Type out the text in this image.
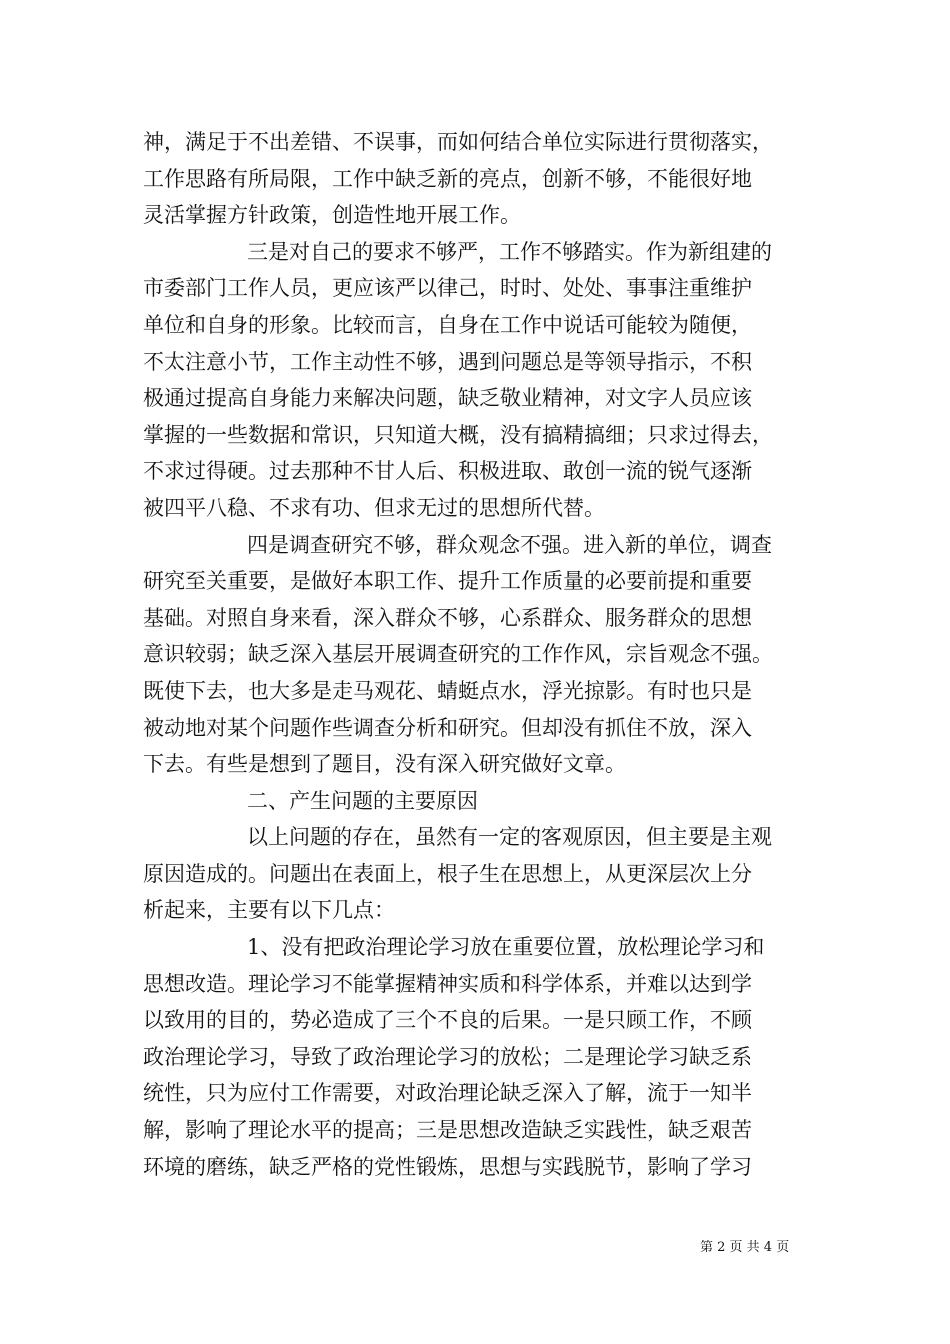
神，满足于不出差错、不误事，而如何结合单位实际进行贯彻落实，
工作思路有所局限，工作中缺乏新的亮点，创新不够，不能很好地
灵活掌握方针政策，创造性地开展工作。
三是对自己的要求不够严，工作不够踏实。作为新组建的
市委部门工作人员，更应该严以律己，时时、处处、事事注重维护
单位和自身的形象。比较而言，自身在工作中说话可能较为随便，
不太注意小节，工作主动性不够，遇到问题总是等领导指示，不积
极通过提高自身能力来解决问题，缺乏敬业精神，对文字人员应该
掌握的一些数据和常识，只知道大概，没有搞精搞细；只求过得去，
不求过得硬。过去那种不甘人后、积极进取、敢创一流的锐气逐渐
被四平八稳、不求有功、但求无过的思想所代替。
四是调查研究不够，群众观念不强。进入新的单位，调查
研究至关重要，是做好本职工作、提升工作质量的必要前提和重要
基础。对照自身来看，深入群众不够，心系群众、服务群众的思想
意识较弱；缺乏深入基层开展调查研究的工作作风，宗旨观念不强。
既使下去，也大多是走马观花、蜻蜓点水，浮光掠影。有时也只是
被动地对某个问题作些调查分析和研究。但却没有抓住不放，深入
下去。有些是想到了题目，没有深入研究做好文章。
二、产生问题的主要原因
以上问题的存在，虽然有一定的客观原因，但主要是主观
原因造成的。问题出在表面上，根子生在思想上，从更深层次上分
析起来，主要有以下几点：
1、没有把政治理论学习放在重要位置，放松理论学习和
思想改造。理论学习不能掌握精神实质和科学体系，并难以达到学
以致用的目的，势必造成了三个不良的后果。一是只顾工作，不顾
政治理论学习，导致了政治理论学习的放松；二是理论学习缺乏系
统性，只为应付工作需要，对政治理论缺乏深入了解，流于一知半
解，影响了理论水平的提高；三是思想改造缺乏实践性，缺乏艰苦
环境的磨练，缺乏严格的党性锻炼，思想与实践脱节，影响了学习
第 2 页 共 4 页
